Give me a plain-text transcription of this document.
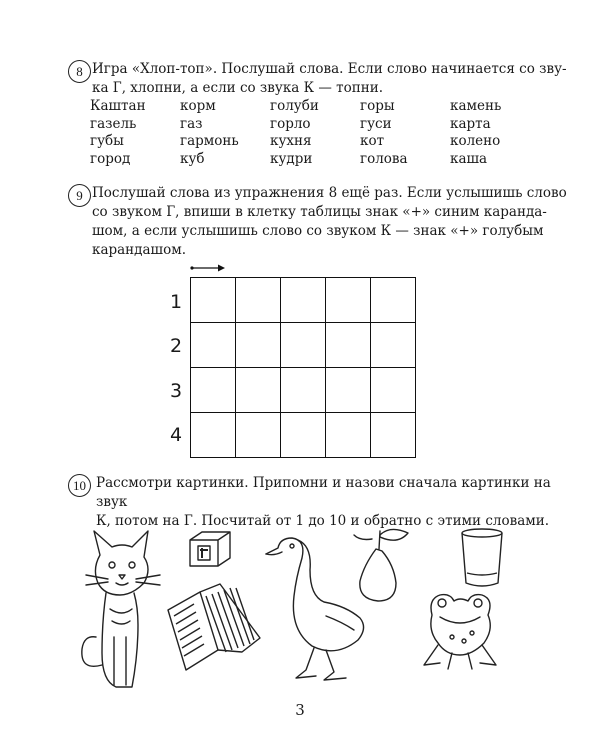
8 Игра «Хлоп-топ». Послушай слова. Если слово начинается со зву-

ка Г, хлопни, а если со звука К — топни.

Каштан	корм	голуби	горы	камень
газель	газ	горло	гуси	карта
губы	гармонь	кухня	кот	колено
город	куб	кудри	голова	каша
9 Послушай слова из упражнения 8 ещё раз. Если услышишь слово

со звуком Г, впиши в клетку таблицы знак «+» синим каранда-

шом, а если услышишь слово со звуком К — знак «+» голубым

карандашом.

1
2
3
4

10 Рассмотри картинки. Припомни и назови сначала картинки на звук

К, потом на Г. Посчитай от 1 до 10 и обратно с этими словами.

3
